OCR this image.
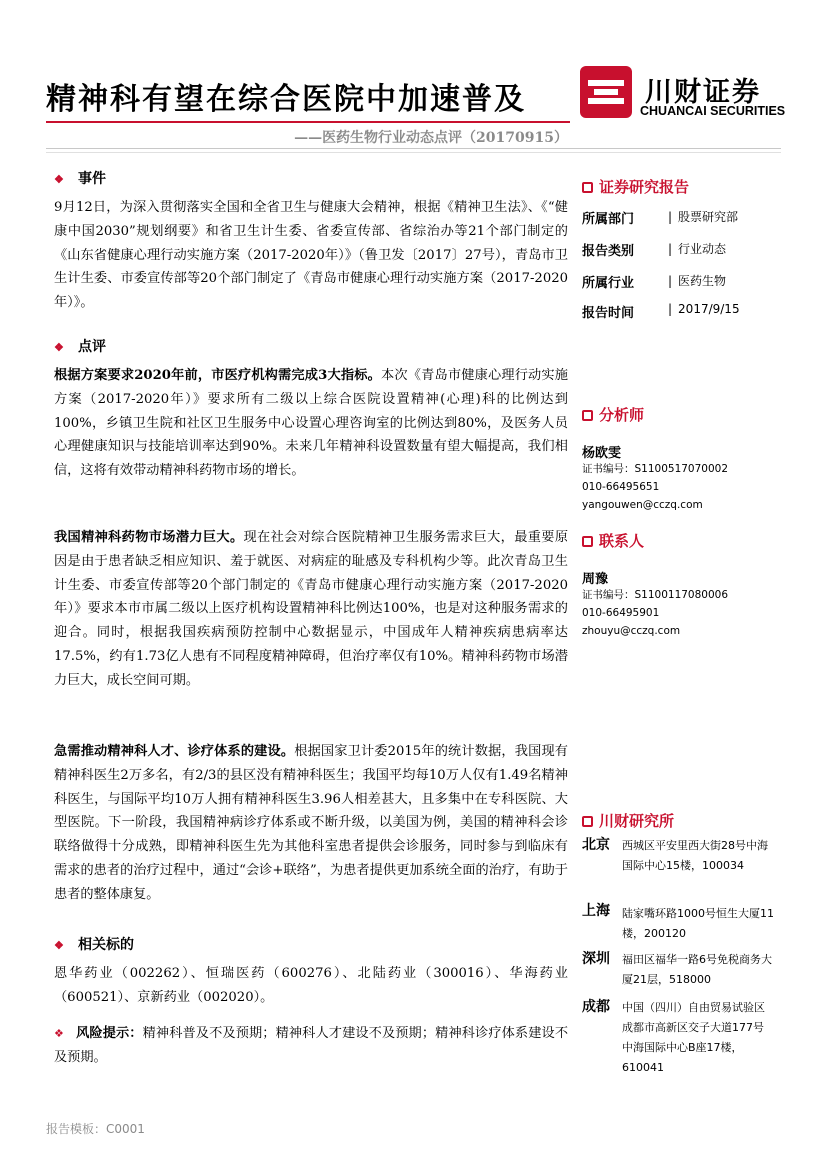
精神科有望在综合医院中加速普及	川财证券
CHUANCAI SECURITIES
——医药生物行业动态点评（20170915）
❖ 事件
9月12日，为深入贯彻落实全国和全省卫生与健康大会精神，根据《精神卫生法》、《“健康中国2030”规划纲要》和省卫生计生委、省委宣传部、省综治办等21个部门制定的《山东省健康心理行动实施方案（2017-2020年）》（鲁卫发〔2017〕27号），青岛市卫生计生委、市委宣传部等20个部门制定了《青岛市健康心理行动实施方案（2017-2020年）》。
❖ 点评
根据方案要求2020年前，市医疗机构需完成3大指标。本次《青岛市健康心理行动实施方案（2017-2020年）》要求所有二级以上综合医院设置精神(心理)科的比例达到100%，乡镇卫生院和社区卫生服务中心设置心理咨询室的比例达到80%，及医务人员心理健康知识与技能培训率达到90%。未来几年精神科设置数量有望大幅提高，我们相信，这将有效带动精神科药物市场的增长。
我国精神科药物市场潜力巨大。现在社会对综合医院精神卫生服务需求巨大，最重要原因是由于患者缺乏相应知识、羞于就医、对病症的耻感及专科机构少等。此次青岛卫生计生委、市委宣传部等20个部门制定的《青岛市健康心理行动实施方案（2017-2020年）》要求本市市属二级以上医疗机构设置精神科比例达100%，也是对这种服务需求的迎合。同时，根据我国疾病预防控制中心数据显示，中国成年人精神疾病患病率达17.5%，约有1.73亿人患有不同程度精神障碍，但治疗率仅有10%。精神科药物市场潜力巨大，成长空间可期。
急需推动精神科人才、诊疗体系的建设。根据国家卫计委2015年的统计数据，我国现有精神科医生2万多名，有2/3的县区没有精神科医生；我国平均每10万人仅有1.49名精神科医生，与国际平均10万人拥有精神科医生3.96人相差甚大，且多集中在专科医院、大型医院。下一阶段，我国精神病诊疗体系或不断升级，以美国为例，美国的精神科会诊联络做得十分成熟，即精神科医生先为其他科室患者提供会诊服务，同时参与到临床有需求的患者的治疗过程中，通过“会诊+联络”，为患者提供更加系统全面的治疗，有助于患者的整体康复。
❖ 相关标的
恩华药业（002262）、恒瑞医药（600276）、北陆药业（300016）、华海药业（600521）、京新药业（002020）。
❖ 风险提示：精神科普及不及预期；精神科人才建设不及预期；精神科诊疗体系建设不及预期。
证券研究报告
所属部门	| 股票研究部
报告类别	| 行业动态
所属行业	| 医药生物
报告时间	| 2017/9/15
分析师
杨欧雯
证书编号：S1100517070002
010-66495651
yangouwen@cczq.com
联系人
周豫
证书编号：S1100117080006
010-66495901
zhouyu@cczq.com
川财研究所
北京 西城区平安里西大街28号中海国际中心15楼，100034
上海 陆家嘴环路1000号恒生大厦11楼，200120
深圳 福田区福华一路6号免税商务大厦21层，518000
成都 中国（四川）自由贸易试验区成都市高新区交子大道177号中海国际中心B座17楼，610041
报告模板：C0001
